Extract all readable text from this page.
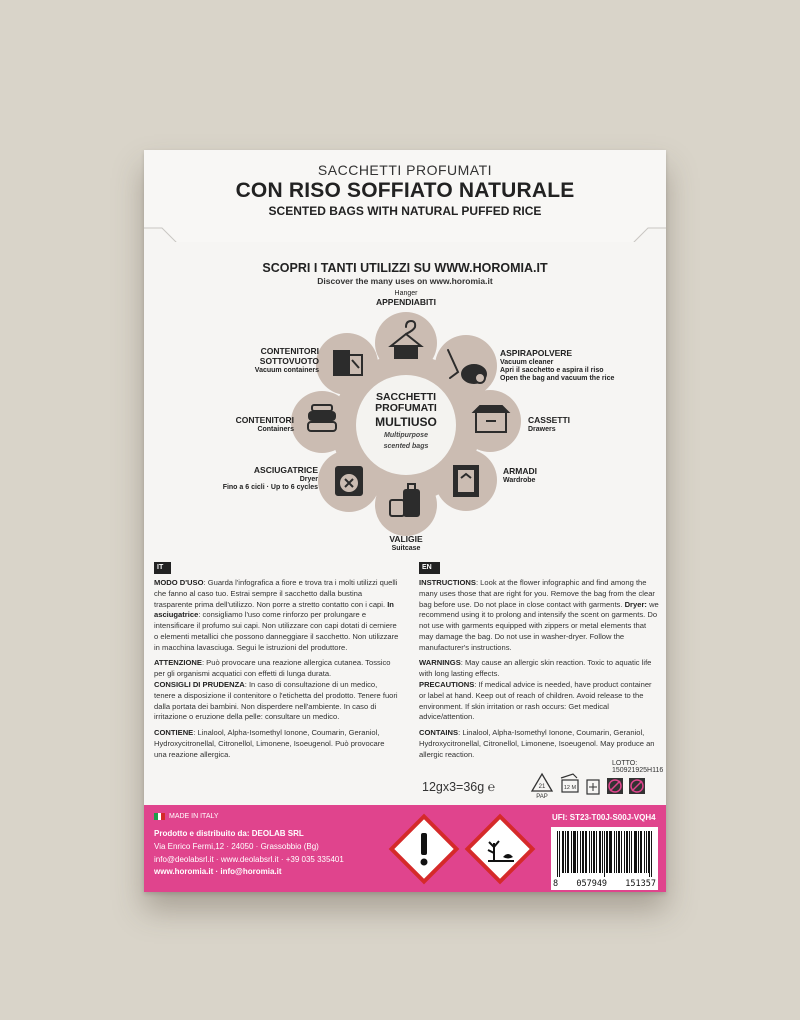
SACCHETTI PROFUMATI
CON RISO SOFFIATO NATURALE
SCENTED BAGS WITH NATURAL PUFFED RICE
SCOPRI I TANTI UTILIZZI SU WWW.HOROMIA.IT
Discover the many uses on www.horomia.it
SACCHETTI
PROFUMATI
MULTIUSO
Multipurpose
scented bags
Hanger
APPENDIABITI
ASPIRAPOLVERE
Vacuum cleaner
Apri il sacchetto e aspira il riso
Open the bag and vacuum the rice
CASSETTI
Drawers
ARMADI
Wardrobe
VALIGIE
Suitcase
ASCIUGATRICE
Dryer
Fino a 6 cicli · Up to 6 cycles
CONTENITORI
Containers
CONTENITORI
SOTTOVUOTO
Vacuum containers
IT

MODO D'USO: Guarda l'infografica a fiore e trova tra i molti utilizzi quelli che fanno al caso tuo. Estrai sempre il sacchetto dalla bustina trasparente prima dell'utilizzo. Non porre a stretto contatto con i capi. In asciugatrice: consigliamo l'uso come rinforzo per prolungare e intensificare il profumo sui capi. Non utilizzare con capi dotati di cerniere o elementi metallici che possono danneggiare il sacchetto. Non utilizzare in macchina lavasciuga. Segui le istruzioni del produttore.

ATTENZIONE: Può provocare una reazione allergica cutanea. Tossico per gli organismi acquatici con effetti di lunga durata.

CONSIGLI DI PRUDENZA: In caso di consultazione di un medico, tenere a disposizione il contenitore o l'etichetta del prodotto. Tenere fuori dalla portata dei bambini. Non disperdere nell'ambiente. In caso di irritazione o eruzione della pelle: consultare un medico.

CONTIENE: Linalool, Alpha-Isomethyl Ionone, Coumarin, Geraniol, Hydroxycitronellal, Citronellol, Limonene, Isoeugenol. Può provocare una reazione allergica.

EN

INSTRUCTIONS: Look at the flower infographic and find among the many uses those that are right for you. Remove the bag from the clear bag before use. Do not place in close contact with garments. Dryer: we recommend using it to prolong and intensify the scent on garments. Do not use with garments equipped with zippers or metal elements that may damage the bag. Do not use in washer-dryer. Follow the manufacturer's instructions.

WARNINGS: May cause an allergic skin reaction. Toxic to aquatic life with long lasting effects.

PRECAUTIONS: If medical advice is needed, have product container or label at hand. Keep out of reach of children. Avoid release to the environment. If skin irritation or rash occurs: Get medical advice/attention.

CONTAINS: Linalool, Alpha-Isomethyl Ionone, Coumarin, Geraniol, Hydroxycitronellal, Citronellol, Limonene, Isoeugenol. May produce an allergic reaction.

LOTTO: 150921925H116
12gx3=36g ℮	21
PAP
12 M
MADE IN ITALY
Prodotto e distribuito da: DEOLAB SRL
Via Enrico Fermi,12 · 24050 · Grassobbio (Bg)
info@deolabsrl.it · www.deolabsrl.it · +39 035 335401
www.horomia.it · info@horomia.it
UFI: ST23-T00J-S00J-VQH4
8 057949 151357
